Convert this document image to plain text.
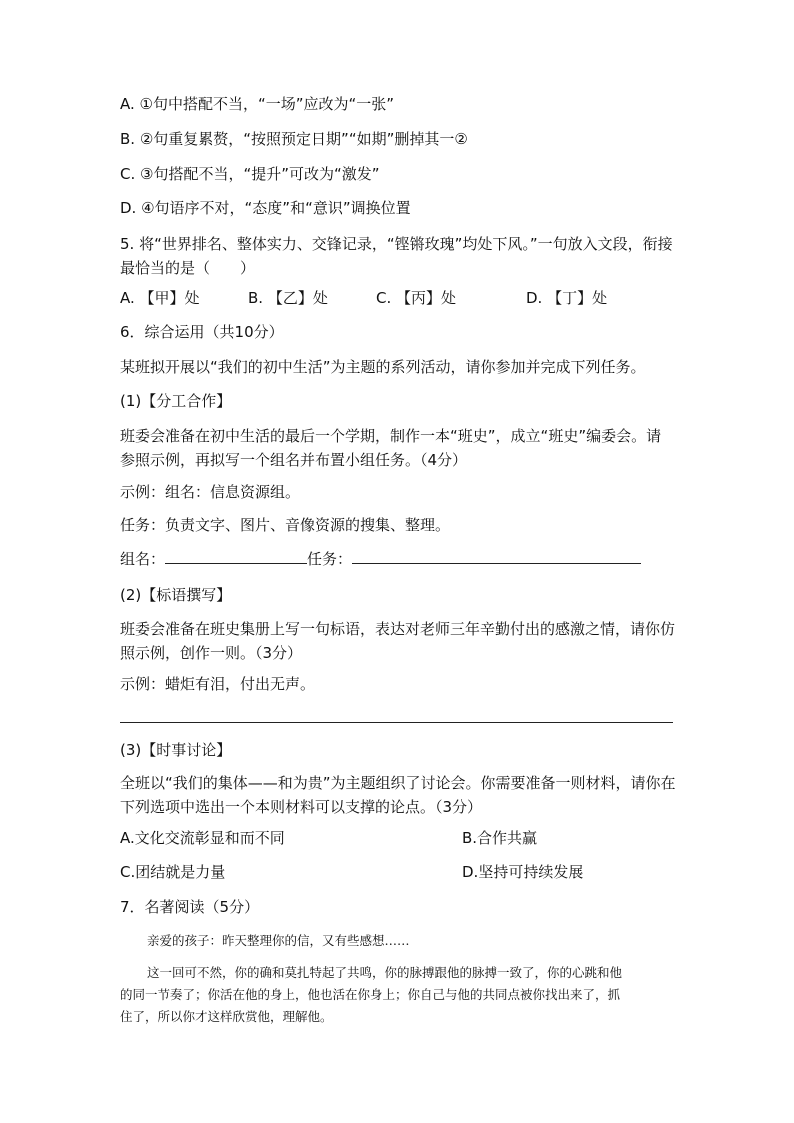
A. ①句中搭配不当，“一场”应改为“一张”
B. ②句重复累赘，“按照预定日期”“如期”删掉其一②
C. ③句搭配不当，“提升”可改为“激发”
D. ④句语序不对，“态度”和“意识”调换位置
5. 将“世界排名、整体实力、交锋记录，“铿锵玫瑰”均处下风。”一句放入文段，衔接最恰当的是（　　）
A. 【甲】处	B. 【乙】处	C. 【丙】处	D. 【丁】处
6．综合运用（共10分）
某班拟开展以“我们的初中生活”为主题的系列活动，请你参加并完成下列任务。
(1)【分工合作】
班委会准备在初中生活的最后一个学期，制作一本“班史”，成立“班史”编委会。请参照示例，再拟写一个组名并布置小组任务。（4分）
示例：组名：信息资源组。
任务：负责文字、图片、音像资源的搜集、整理。
组名：	任务：
(2)【标语撰写】
班委会准备在班史集册上写一句标语，表达对老师三年辛勤付出的感激之情，请你仿照示例，创作一则。（3分）
示例：蜡炬有泪，付出无声。
(3)【时事讨论】
全班以“我们的集体——和为贵”为主题组织了讨论会。你需要准备一则材料，请你在下列选项中选出一个本则材料可以支撑的论点。（3分）
A.文化交流彰显和而不同	B.合作共赢
C.团结就是力量	D.坚持可持续发展
7．名著阅读（5分）
亲爱的孩子：昨天整理你的信，又有些感想……
这一回可不然，你的确和莫扎特起了共鸣，你的脉搏跟他的脉搏一致了，你的心跳和他
的同一节奏了；你活在他的身上，他也活在你身上；你自己与他的共同点被你找出来了，抓
住了，所以你才这样欣赏他，理解他。
